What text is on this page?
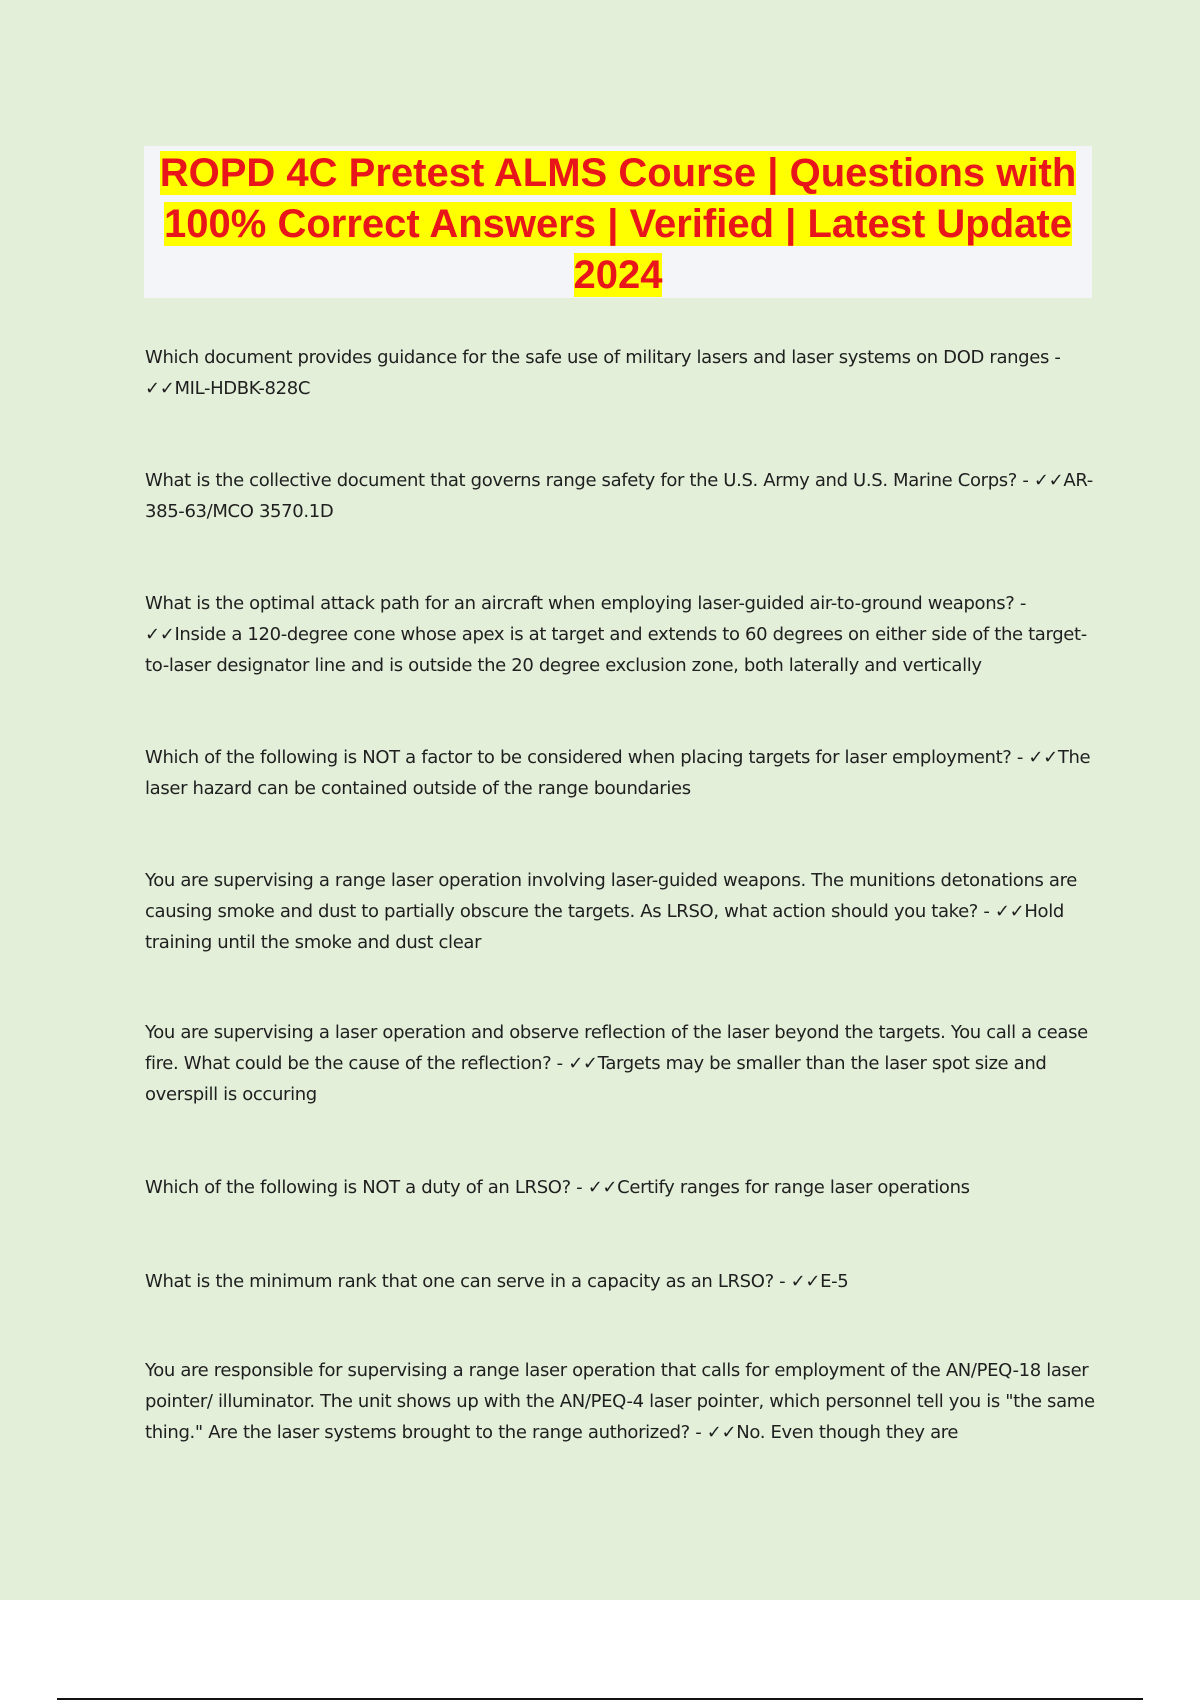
ROPD 4C Pretest ALMS Course | Questions with 100% Correct Answers | Verified | Latest Update 2024
Which document provides guidance for the safe use of military lasers and laser systems on DOD ranges - ✓✓MIL-HDBK-828C
What is the collective document that governs range safety for the U.S. Army and U.S. Marine Corps? - ✓✓AR-385-63/MCO 3570.1D
What is the optimal attack path for an aircraft when employing laser-guided air-to-ground weapons? - ✓✓Inside a 120-degree cone whose apex is at target and extends to 60 degrees on either side of the target-to-laser designator line and is outside the 20 degree exclusion zone, both laterally and vertically
Which of the following is NOT a factor to be considered when placing targets for laser employment? - ✓✓The laser hazard can be contained outside of the range boundaries
You are supervising a range laser operation involving laser-guided weapons. The munitions detonations are causing smoke and dust to partially obscure the targets. As LRSO, what action should you take? - ✓✓Hold training until the smoke and dust clear
You are supervising a laser operation and observe reflection of the laser beyond the targets. You call a cease fire. What could be the cause of the reflection? - ✓✓Targets may be smaller than the laser spot size and overspill is occuring
Which of the following is NOT a duty of an LRSO? - ✓✓Certify ranges for range laser operations
What is the minimum rank that one can serve in a capacity as an LRSO? - ✓✓E-5
You are responsible for supervising a range laser operation that calls for employment of the AN/PEQ-18 laser pointer/ illuminator. The unit shows up with the AN/PEQ-4 laser pointer, which personnel tell you is "the same thing." Are the laser systems brought to the range authorized? - ✓✓No. Even though they are
